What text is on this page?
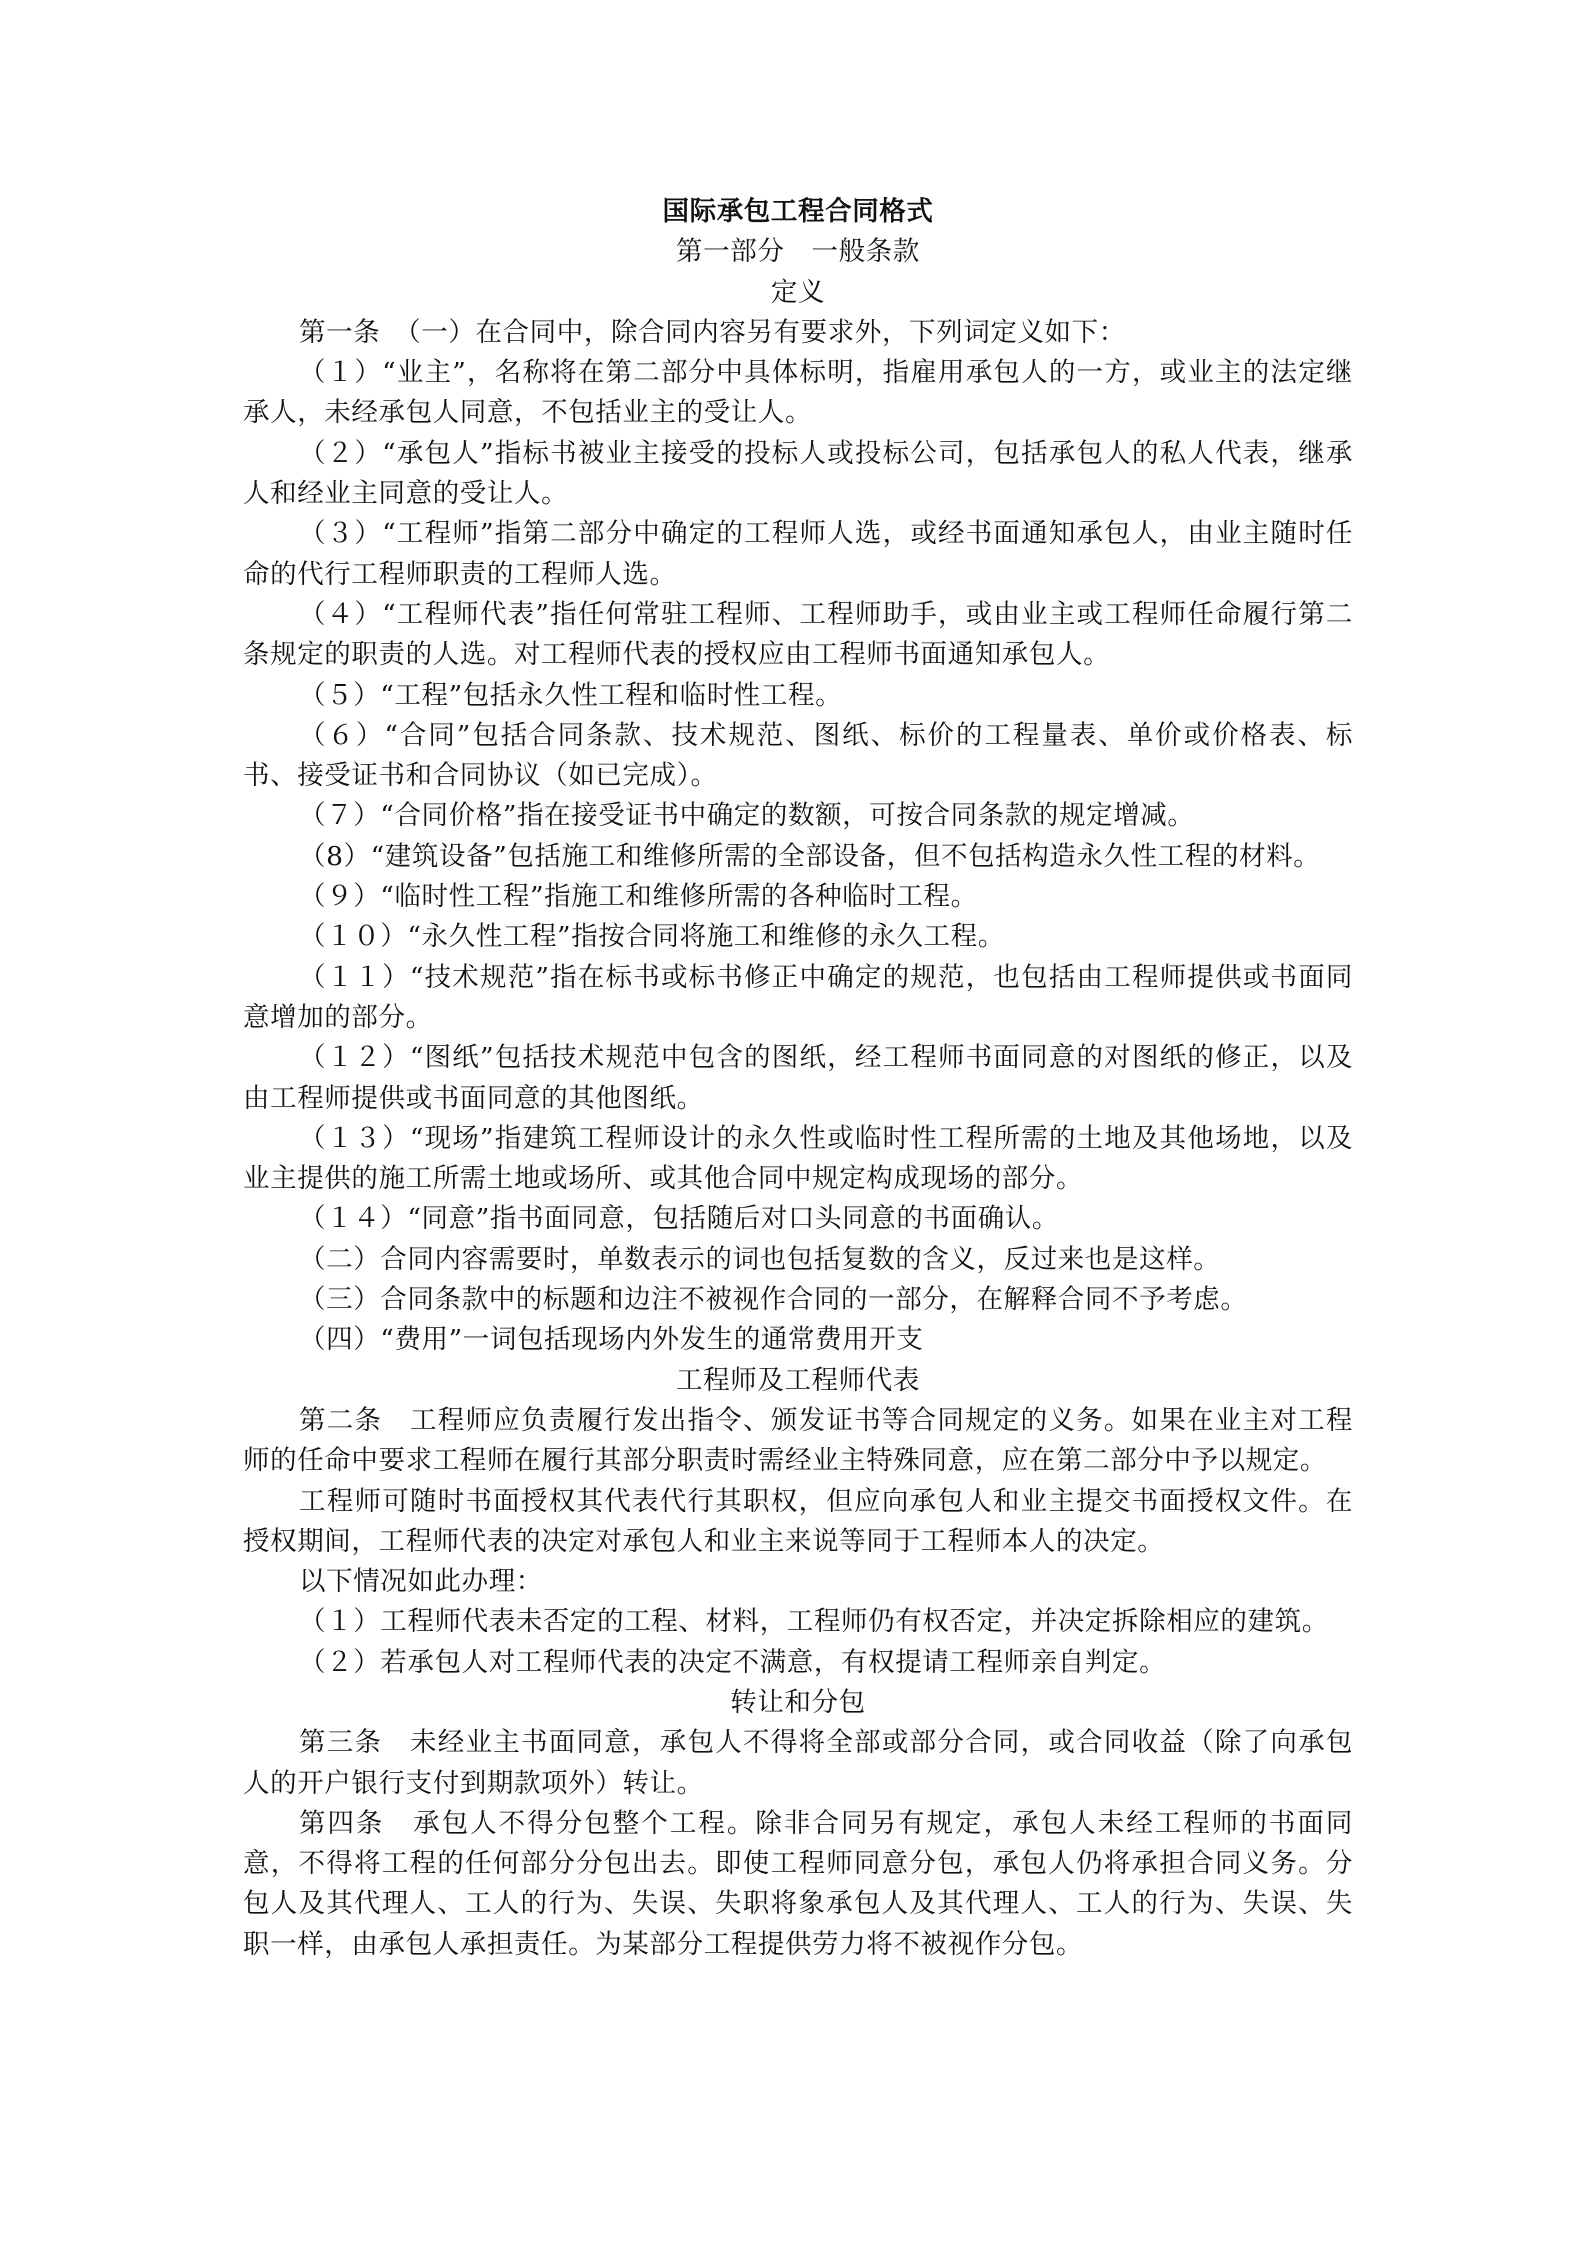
国际承包工程合同格式

第一部分　一般条款

定义

第一条　（一）在合同中，除合同内容另有要求外，下列词定义如下：

（１）“业主”，名称将在第二部分中具体标明，指雇用承包人的一方，或业主的法定继承人，未经承包人同意，不包括业主的受让人。

（２）“承包人”指标书被业主接受的投标人或投标公司，包括承包人的私人代表，继承人和经业主同意的受让人。

（３）“工程师”指第二部分中确定的工程师人选，或经书面通知承包人，由业主随时任命的代行工程师职责的工程师人选。

（４）“工程师代表”指任何常驻工程师、工程师助手，或由业主或工程师任命履行第二条规定的职责的人选。对工程师代表的授权应由工程师书面通知承包人。

（５）“工程”包括永久性工程和临时性工程。

（６）“合同”包括合同条款、技术规范、图纸、标价的工程量表、单价或价格表、标书、接受证书和合同协议（如已完成）。

（７）“合同价格”指在接受证书中确定的数额，可按合同条款的规定增减。

（8）“建筑设备”包括施工和维修所需的全部设备，但不包括构造永久性工程的材料。

（９）“临时性工程”指施工和维修所需的各种临时工程。

（１０）“永久性工程”指按合同将施工和维修的永久工程。

（１１）“技术规范”指在标书或标书修正中确定的规范，也包括由工程师提供或书面同意增加的部分。

（１２）“图纸”包括技术规范中包含的图纸，经工程师书面同意的对图纸的修正，以及由工程师提供或书面同意的其他图纸。

（１３）“现场”指建筑工程师设计的永久性或临时性工程所需的土地及其他场地，以及业主提供的施工所需土地或场所、或其他合同中规定构成现场的部分。

（１４）“同意”指书面同意，包括随后对口头同意的书面确认。

（二）合同内容需要时，单数表示的词也包括复数的含义，反过来也是这样。

（三）合同条款中的标题和边注不被视作合同的一部分，在解释合同不予考虑。

（四）“费用”一词包括现场内外发生的通常费用开支

工程师及工程师代表

第二条　工程师应负责履行发出指令、颁发证书等合同规定的义务。如果在业主对工程师的任命中要求工程师在履行其部分职责时需经业主特殊同意，应在第二部分中予以规定。

工程师可随时书面授权其代表代行其职权，但应向承包人和业主提交书面授权文件。在授权期间，工程师代表的决定对承包人和业主来说等同于工程师本人的决定。

以下情况如此办理：

（１）工程师代表未否定的工程、材料，工程师仍有权否定，并决定拆除相应的建筑。

（２）若承包人对工程师代表的决定不满意，有权提请工程师亲自判定。

转让和分包

第三条　未经业主书面同意，承包人不得将全部或部分合同，或合同收益（除了向承包人的开户银行支付到期款项外）转让。

第四条　承包人不得分包整个工程。除非合同另有规定，承包人未经工程师的书面同意，不得将工程的任何部分分包出去。即使工程师同意分包，承包人仍将承担合同义务。分包人及其代理人、工人的行为、失误、失职将象承包人及其代理人、工人的行为、失误、失职一样，由承包人承担责任。为某部分工程提供劳力将不被视作分包。
